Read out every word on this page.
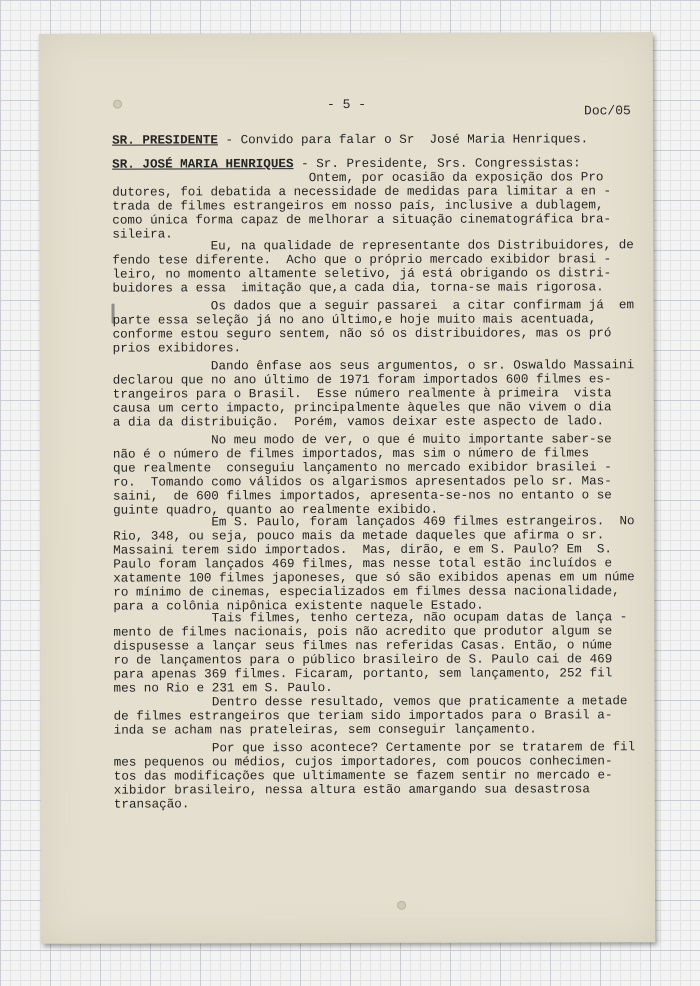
- 5 -	Doc/05

SR. PRESIDENTE - Convido para falar o Sr  José Maria Henriques.

SR. JOSÉ MARIA HENRIQUES - Sr. Presidente, Srs. Congressistas:

Ontem, por ocasião da exposição dos Pro

dutores, foi debatida a necessidade de medidas para limitar a en -

trada de filmes estrangeiros em nosso país, inclusive a dublagem,

como única forma capaz de melhorar a situação cinematográfica bra-

sileira.

Eu, na qualidade de representante dos Distribuidores, de

fendo tese diferente.  Acho que o próprio mercado exibidor brasi -

leiro, no momento altamente seletivo, já está obrigando os distri-

buidores a essa  imitação que,a cada dia, torna-se mais rigorosa.

Os dados que a seguir passarei  a citar confirmam já  em

parte essa seleção já no ano último,e hoje muito mais acentuada,

conforme estou seguro sentem, não só os distribuidores, mas os pró

prios exibidores.

Dando ênfase aos seus argumentos, o sr. Oswaldo Massaini

declarou que no ano último de 1971 foram importados 600 filmes es-

trangeiros para o Brasil.  Esse número realmente à primeira  vista

causa um certo impacto, principalmente àqueles que não vivem o dia

a dia da distribuição.  Porém, vamos deixar este aspecto de lado.

No meu modo de ver, o que é muito importante saber-se

não é o número de filmes importados, mas sim o número de filmes

que realmente  conseguiu lançamento no mercado exibidor brasilei -

ro.  Tomando como válidos os algarismos apresentados pelo sr. Mas-

saini,  de 600 filmes importados, apresenta-se-nos no entanto o se

guinte quadro, quanto ao realmente exibido.

Em S. Paulo, foram lançados 469 filmes estrangeiros.  No

Rio, 348, ou seja, pouco mais da metade daqueles que afirma o sr.

Massaini terem sido importados.  Mas, dirão, e em S. Paulo? Em  S.

Paulo foram lançados 469 filmes, mas nesse total estão incluídos e

xatamente 100 filmes japoneses, que só são exibidos apenas em um núme

ro mínimo de cinemas, especializados em filmes dessa nacionalidade,

para a colônia nipônica existente naquele Estado.

Tais filmes, tenho certeza, não ocupam datas de lança -

mento de filmes nacionais, pois não acredito que produtor algum se

dispusesse a lançar seus filmes nas referidas Casas. Então, o núme

ro de lançamentos para o público brasileiro de S. Paulo cai de 469

para apenas 369 filmes. Ficaram, portanto, sem lançamento, 252 fil

mes no Rio e 231 em S. Paulo.

Dentro desse resultado, vemos que praticamente a metade

de filmes estrangeiros que teriam sido importados para o Brasil a-

inda se acham nas prateleiras, sem conseguir lançamento.

Por que isso acontece? Certamente por se tratarem de fil

mes pequenos ou médios, cujos importadores, com poucos conhecimen-

tos das modificações que ultimamente se fazem sentir no mercado e-

xibidor brasileiro, nessa altura estão amargando sua desastrosa

transação.
